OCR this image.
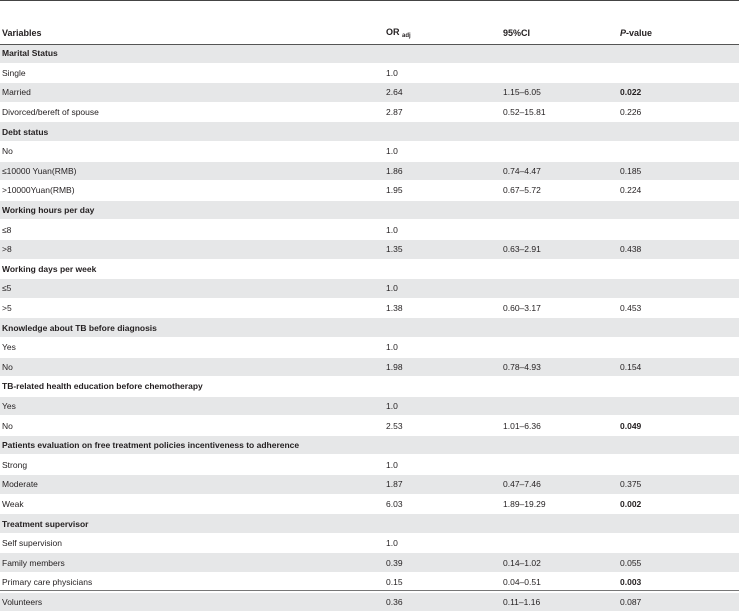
Variables	OR $_{adj}$	95%CI	P-value
Marital Status			
Single	1.0		
Married	2.64	1.15–6.05	0.022
Divorced/bereft of spouse	2.87	0.52–15.81	0.226
Debt status			
No	1.0		
≤10000 Yuan(RMB)	1.86	0.74–4.47	0.185
>10000Yuan(RMB)	1.95	0.67–5.72	0.224
Working hours per day			
≤8	1.0		
>8	1.35	0.63–2.91	0.438
Working days per week			
≤5	1.0		
>5	1.38	0.60–3.17	0.453
Knowledge about TB before diagnosis			
Yes	1.0		
No	1.98	0.78–4.93	0.154
TB-related health education before chemotherapy			
Yes	1.0		
No	2.53	1.01–6.36	0.049
Patients evaluation on free treatment policies incentiveness to adherence			
Strong	1.0		
Moderate	1.87	0.47–7.46	0.375
Weak	6.03	1.89–19.29	0.002
Treatment supervisor			
Self supervision	1.0		
Family members	0.39	0.14–1.02	0.055
Primary care physicians	0.15	0.04–0.51	0.003
Volunteers	0.36	0.11–1.16	0.087
